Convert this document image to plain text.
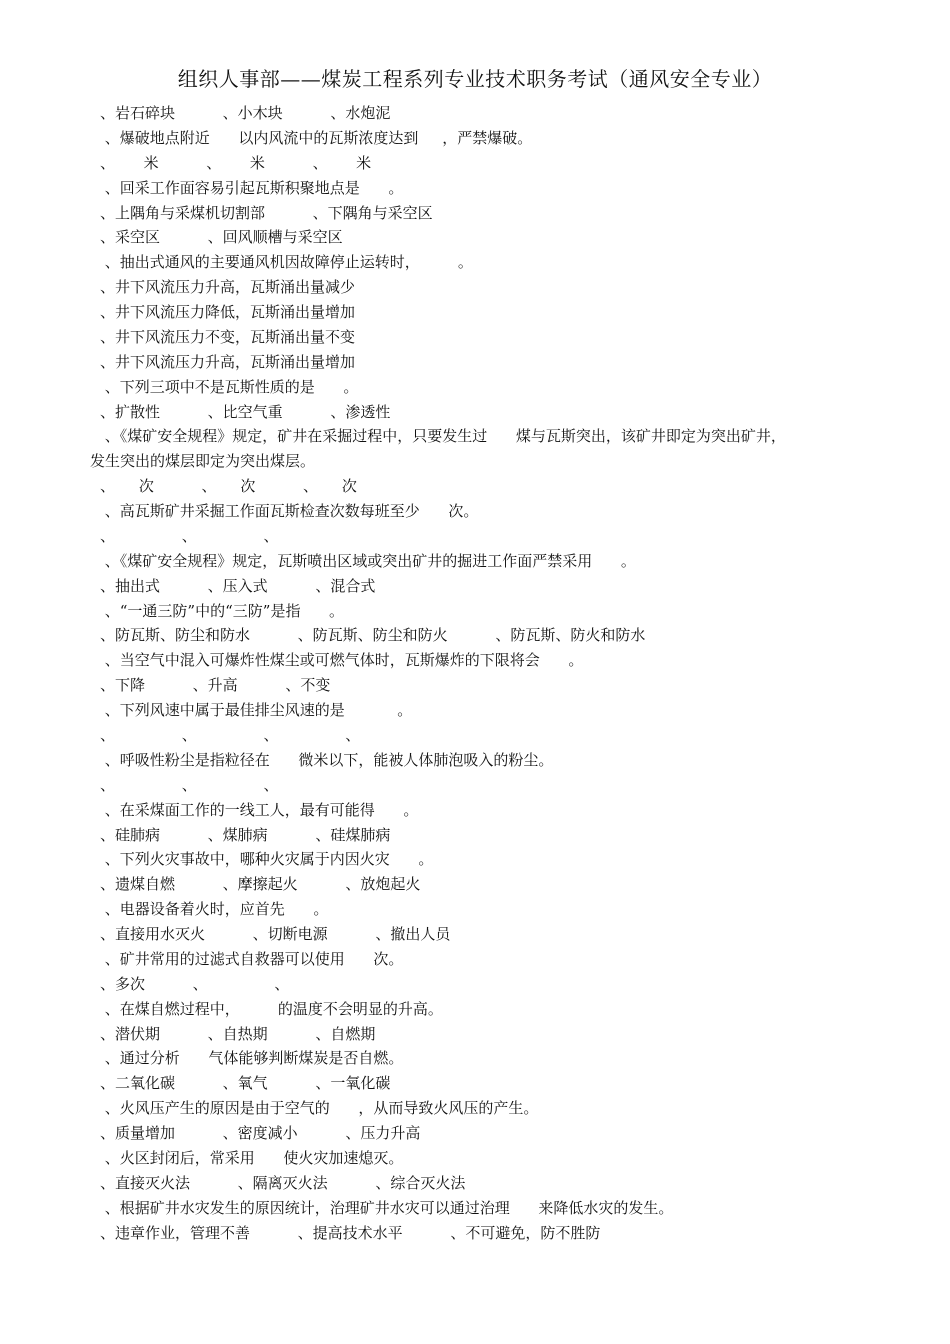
组织人事部——煤炭工程系列专业技术职务考试（通风安全专业）
、岩石碎块          、小木块          、水炮泥
、爆破地点附近      以内风流中的瓦斯浓度达到     ，严禁爆破。
、      米          、      米          、      米
、回采工作面容易引起瓦斯积聚地点是      。
、上隅角与采煤机切割部          、下隅角与采空区
、采空区          、回风顺槽与采空区
、抽出式通风的主要通风机因故障停止运转时，        。
、井下风流压力升高，瓦斯涌出量减少
、井下风流压力降低，瓦斯涌出量增加
、井下风流压力不变，瓦斯涌出量不变
、井下风流压力升高，瓦斯涌出量增加
、下列三项中不是瓦斯性质的是      。
、扩散性          、比空气重          、渗透性
、《煤矿安全规程》规定，矿井在采掘过程中，只要发生过      煤与瓦斯突出，该矿井即定为突出矿井，
发生突出的煤层即定为突出煤层。
、     次          、     次          、     次
、高瓦斯矿井采掘工作面瓦斯检查次数每班至少      次。
、              、              、
、《煤矿安全规程》规定，瓦斯喷出区域或突出矿井的掘进工作面严禁采用      。
、抽出式          、压入式          、混合式
、“一通三防”中的“三防”是指      。
、防瓦斯、防尘和防水          、防瓦斯、防尘和防火          、防瓦斯、防火和防水
、当空气中混入可爆炸性煤尘或可燃气体时，瓦斯爆炸的下限将会      。
、下降          、升高          、不变
、下列风速中属于最佳排尘风速的是           。
、              、              、              、
、呼吸性粉尘是指粒径在      微米以下，能被人体肺泡吸入的粉尘。
、              、              、
、在采煤面工作的一线工人，最有可能得      。
、硅肺病          、煤肺病          、硅煤肺病
、下列火灾事故中，哪种火灾属于内因火灾      。
、遗煤自燃          、摩擦起火          、放炮起火
、电器设备着火时，应首先      。
、直接用水灭火          、切断电源          、撤出人员
、矿井常用的过滤式自救器可以使用      次。
、多次          、              、
、在煤自燃过程中，        的温度不会明显的升高。
、潜伏期          、自热期          、自燃期
、通过分析      气体能够判断煤炭是否自燃。
、二氧化碳          、氧气          、一氧化碳
、火风压产生的原因是由于空气的      ，从而导致火风压的产生。
、质量增加          、密度减小          、压力升高
、火区封闭后，常采用      使火灾加速熄灭。
、直接灭火法          、隔离灭火法          、综合灭火法
、根据矿井水灾发生的原因统计，治理矿井水灾可以通过治理      来降低水灾的发生。
、违章作业，管理不善          、提高技术水平          、不可避免，防不胜防
